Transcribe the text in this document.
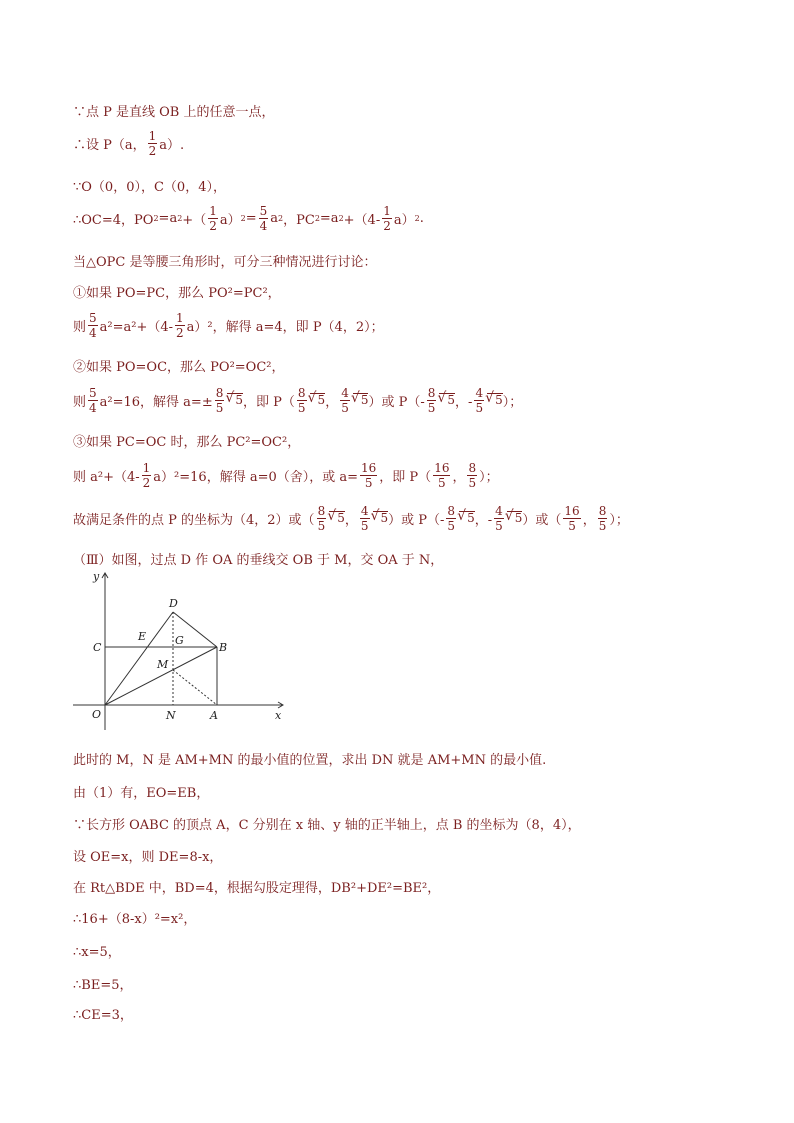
∵点 P 是直线 OB 上的任意一点，
∴设 P（a， $\frac{1}{2} a$）.
∵O（0，0），C（0，4），
∴OC=4，PO 2 =a 2 +（ $\frac{1}{2} a$） $2 = \frac{5}{4}$ a 2 ，PC 2 =a $2 +(4- \frac{1}{2} a)$ 2 .
当△OPC 是等腰三角形时，可分三种情况进行讨论：
①如果 PO=PC，那么 PO²=PC²，
则 $\frac{5}{4} a^2=a^2+(4- \frac{1}{2} a)^2$，解得 a=4，即 P（4，2）；
②如果 PO=OC，那么 PO²=OC²，
则 $\frac{5}{4} a^2=16$，解得 $a=\pm \frac{8}{5}$ √ 5 ，即 $P( \frac{8}{5}$ √ 5 ， $\frac{4}{5}$ √ 5 ）或 $P(- \frac{8}{5}$ √ 5 ，- $\frac{4}{5}$ √ 5 ）；
③如果 PC=OC 时，那么 PC²=OC²，
则 $a^2+(4- \frac{1}{2} a)^2=16$，解得 a=0（舍），或 $a= \frac{16}{5}$ ，即 $P( \frac{16}{5}$ ， $\frac{8}{5}$ ）；
故满足条件的点 P 的坐标为（4，2）或（ $\frac{8}{5}$ √ 5 ， $\frac{4}{5}$ √ 5 ）或 $P(- \frac{8}{5}$ √ 5 ，- $\frac{4}{5}$ √ 5 ）或（ $\frac{16}{5}$ ， $\frac{8}{5}$ ）；
（Ⅲ）如图，过点 D 作 OA 的垂线交 OB 于 M，交 OA 于 N，
y
x
O
C	B
A
D
E	G
M
N
此时的 M，N 是 AM+MN 的最小值的位置，求出 DN 就是 AM+MN 的最小值.
由（1）有，EO=EB，
∵长方形 OABC 的顶点 A，C 分别在 x 轴、y 轴的正半轴上，点 B 的坐标为（8，4），
设 OE=x，则 DE=8-x，
在 Rt△BDE 中，BD=4，根据勾股定理得，DB²+DE²=BE²，
∴16+（8-x）²=x²，
∴x=5，
∴BE=5，
∴CE=3，
